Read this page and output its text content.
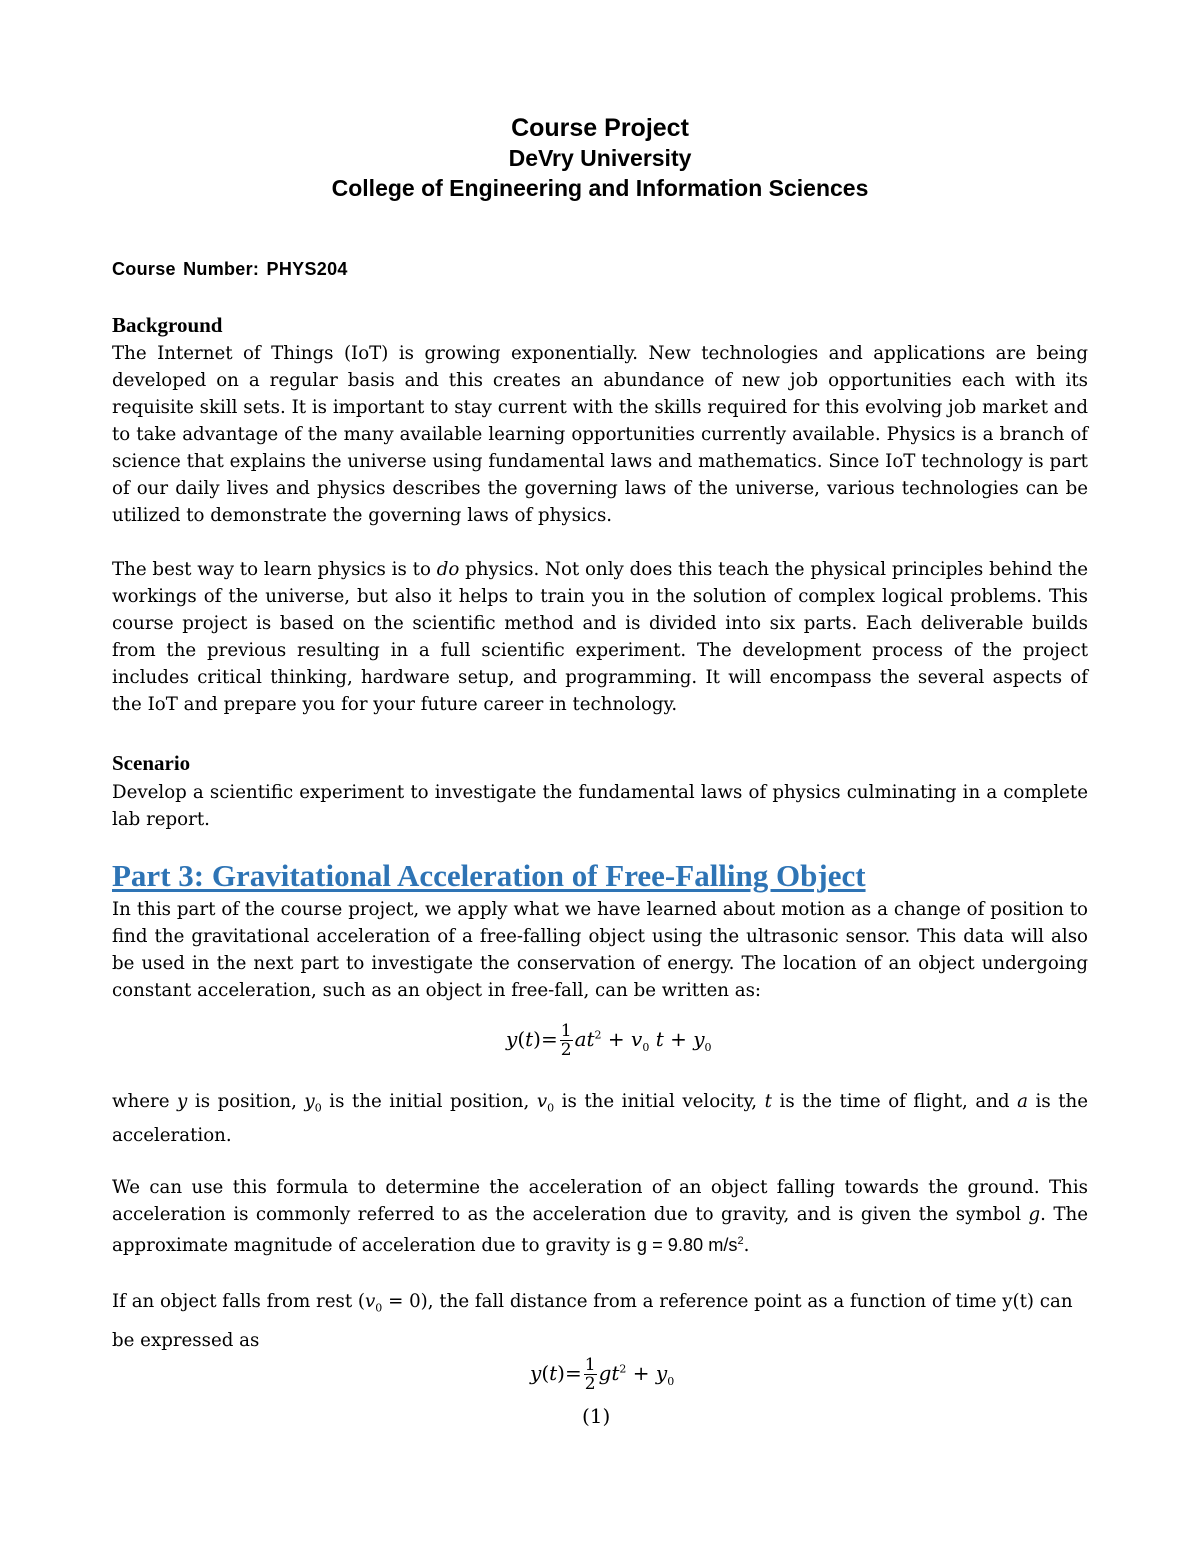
Course Project
DeVry University
College of Engineering and Information Sciences
Course Number: PHYS204
Background
The Internet of Things (IoT) is growing exponentially. New technologies and applications are being developed on a regular basis and this creates an abundance of new job opportunities each with its requisite skill sets. It is important to stay current with the skills required for this evolving job market and to take advantage of the many available learning opportunities currently available. Physics is a branch of science that explains the universe using fundamental laws and mathematics. Since IoT technology is part of our daily lives and physics describes the governing laws of the universe, various technologies can be utilized to demonstrate the governing laws of physics.
The best way to learn physics is to do physics. Not only does this teach the physical principles behind the workings of the universe, but also it helps to train you in the solution of complex logical problems. This course project is based on the scientific method and is divided into six parts. Each deliverable builds from the previous resulting in a full scientific experiment. The development process of the project includes critical thinking, hardware setup, and programming. It will encompass the several aspects of the IoT and prepare you for your future career in technology.
Scenario
Develop a scientific experiment to investigate the fundamental laws of physics culminating in a complete lab report.
Part 3: Gravitational Acceleration of Free-Falling Object
In this part of the course project, we apply what we have learned about motion as a change of position to find the gravitational acceleration of a free-falling object using the ultrasonic sensor. This data will also be used in the next part to investigate the conservation of energy. The location of an object undergoing constant acceleration, such as an object in free-fall, can be written as:
$y(t)= \frac{1}{2} at^2 + v_0$ $t + y_0$
where y is position, $y_0$ is the initial position, $v_0$ is the initial velocity, t is the time of flight, and a is the acceleration.
We can use this formula to determine the acceleration of an object falling towards the ground. This acceleration is commonly referred to as the acceleration due to gravity, and is given the symbol g. The approximate magnitude of acceleration due to gravity is g = 9.80 $m/s^2$.
If an object falls from rest $(v_0 = 0)$, the fall distance from a reference point as a function of time y(t) can be expressed as
$y(t)= \frac{1}{2} gt^2 + y_0$
(1)
